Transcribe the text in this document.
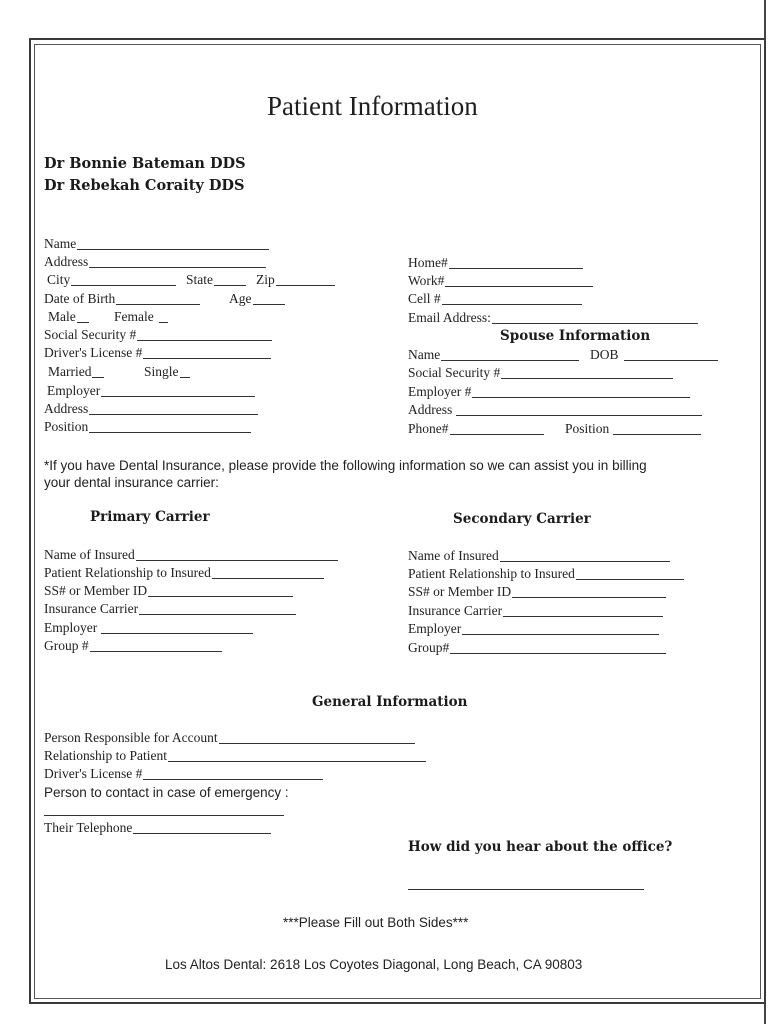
Patient Information
Dr Bonnie Bateman DDS
Dr Rebekah Coraity DDS
Name
Address
City	State	Zip
Date of Birth	Age
Male	Female
Social Security #
Driver's License #
Married	Single
Employer
Address
Position
Home#
Work#
Cell #
Email Address:
Spouse Information
Name	DOB
Social Security #
Employer #
Address
Phone#	Position
*If you have Dental Insurance, please provide the following information so we can assist you in billing
your dental insurance carrier:
Primary Carrier
Name of Insured
Patient Relationship to Insured
SS# or Member ID
Insurance Carrier
Employer
Group #
Secondary Carrier
Name of Insured
Patient Relationship to Insured
SS# or Member ID
Insurance Carrier
Employer
Group#
General Information
Person Responsible for Account
Relationship to Patient
Driver's License #
Person to contact in case of emergency :
Their Telephone
How did you hear about the office?
***Please Fill out Both Sides***
Los Altos Dental: 2618 Los Coyotes Diagonal, Long Beach, CA 90803
